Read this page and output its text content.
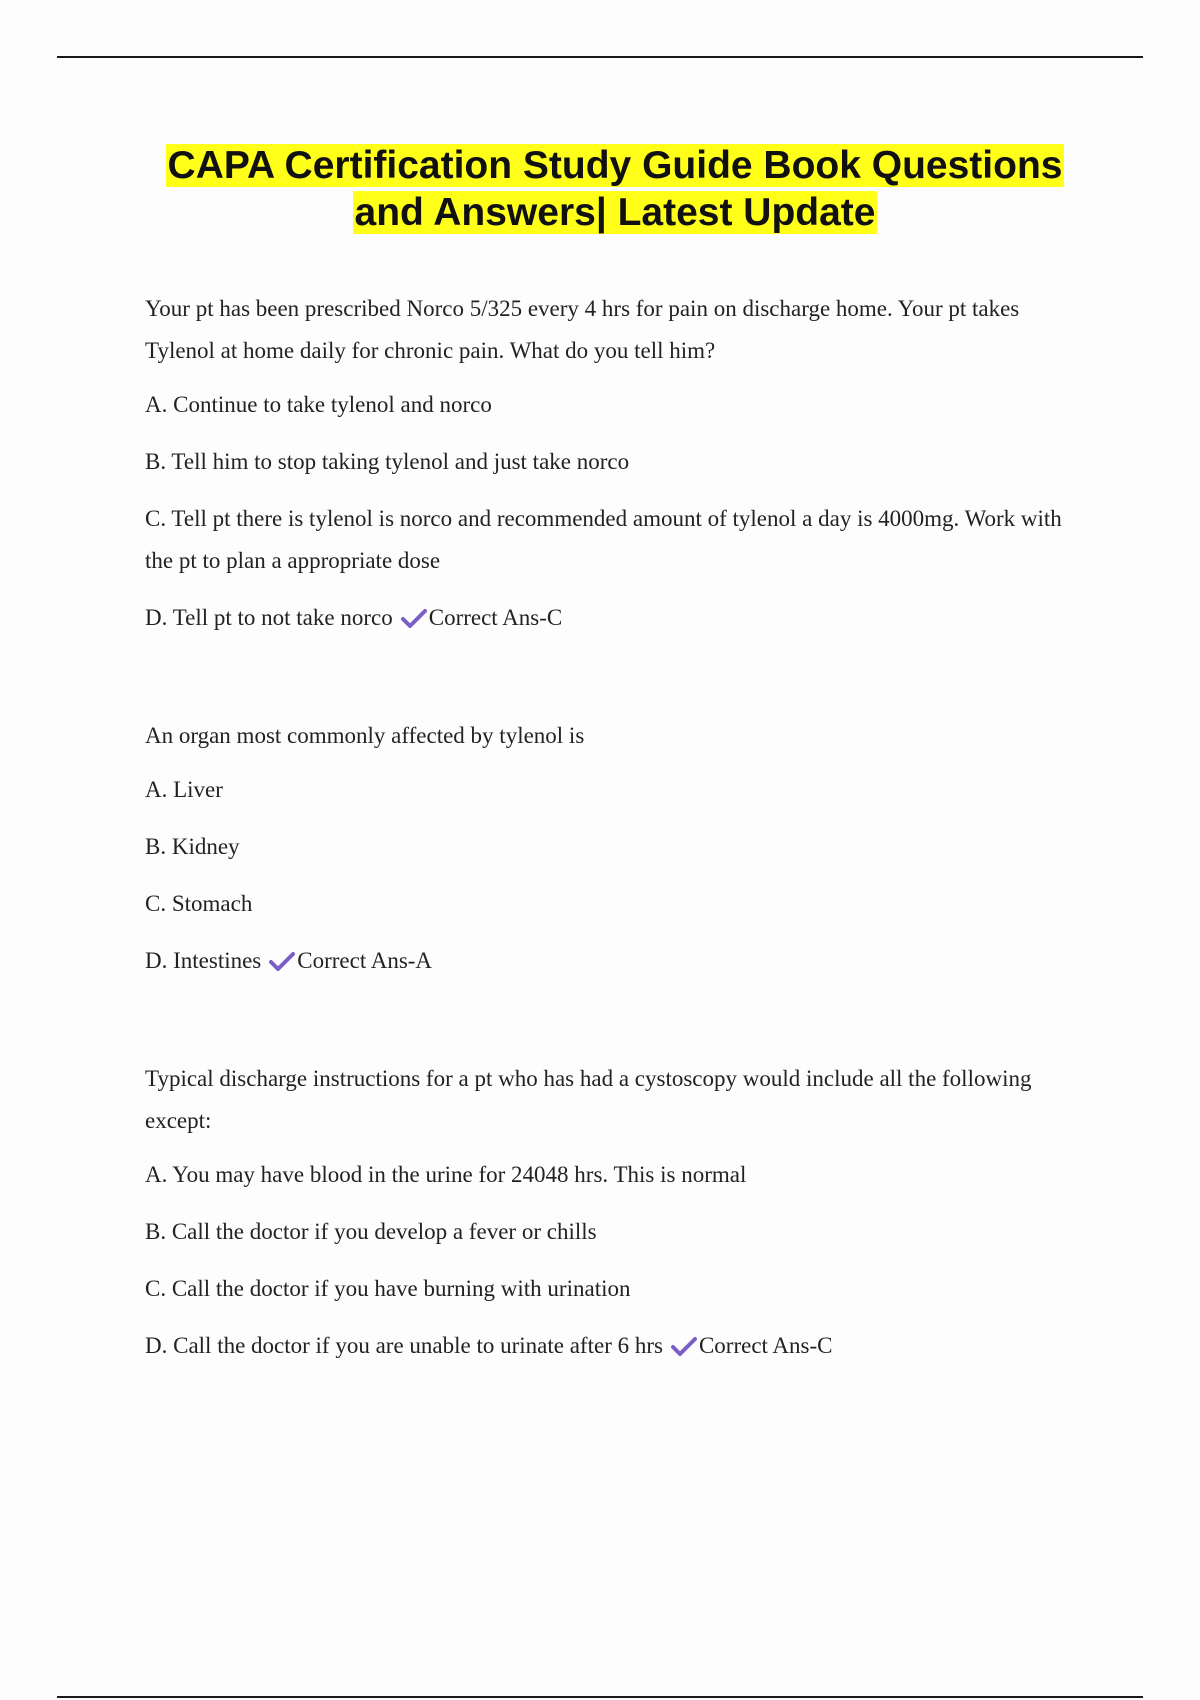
CAPA Certification Study Guide Book Questions
and Answers| Latest Update

Your pt has been prescribed Norco 5/325 every 4 hrs for pain on discharge home. Your pt takes Tylenol at home daily for chronic pain. What do you tell him?

A. Continue to take tylenol and norco

B. Tell him to stop taking tylenol and just take norco

C. Tell pt there is tylenol is norco and recommended amount of tylenol a day is 4000mg. Work with the pt to plan a appropriate dose

D. Tell pt to not take norco Correct Ans-C

An organ most commonly affected by tylenol is

A. Liver

B. Kidney

C. Stomach

D. Intestines Correct Ans-A

Typical discharge instructions for a pt who has had a cystoscopy would include all the following except:

A. You may have blood in the urine for 24048 hrs. This is normal

B. Call the doctor if you develop a fever or chills

C. Call the doctor if you have burning with urination

D. Call the doctor if you are unable to urinate after 6 hrs Correct Ans-C
